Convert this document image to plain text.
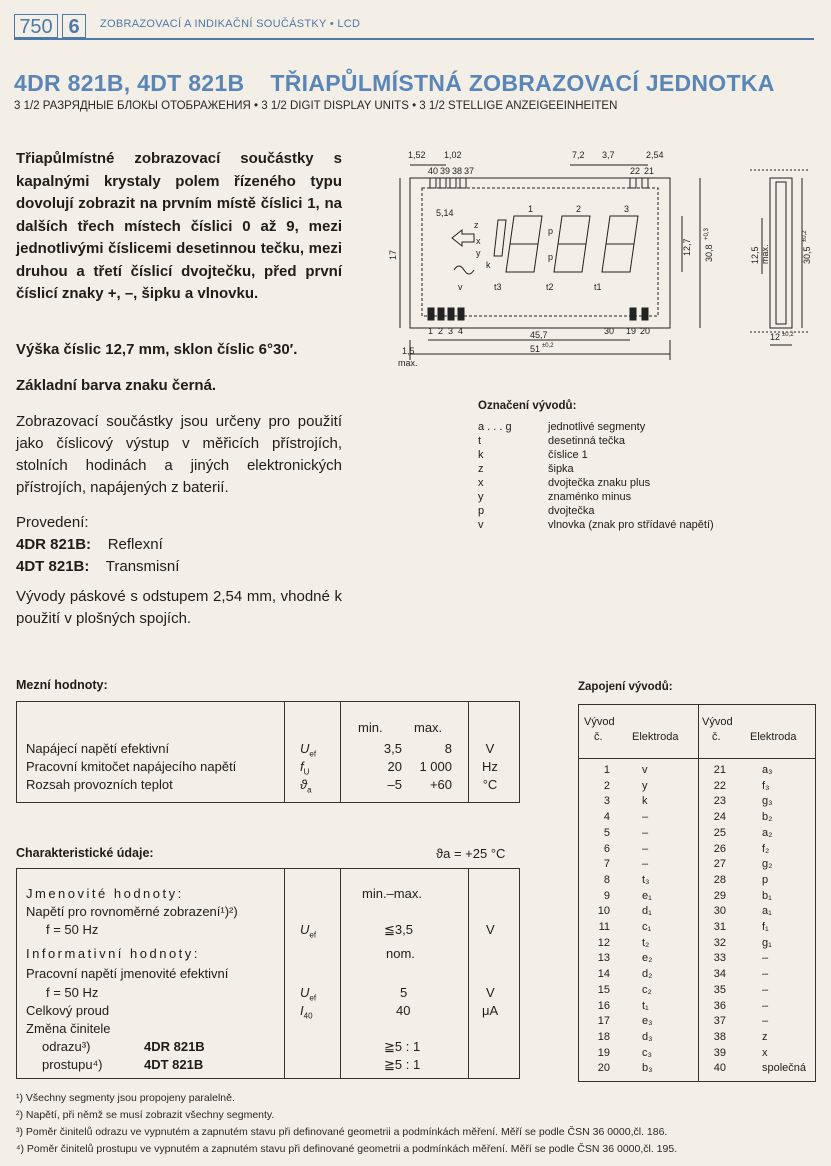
750 6	ZOBRAZOVACÍ A INDIKAČNÍ SOUČÁSTKY • LCD
4DR 821B, 4DT 821B TŘIAPŮLMÍSTNÁ ZOBRAZOVACÍ JEDNOTKA
3 1/2 РАЗРЯДНЫЕ БЛОКЫ ОТОБРАЖЕНИЯ • 3 1/2 DIGIT DISPLAY UNITS • 3 1/2 STELLIGE ANZEIGEEINHEITEN
Třiapůlmístné zobrazovací součástky s kapalnými krystaly polem řízeného typu dovolují zobrazit na prvním místě číslici 1, na dalších třech místech číslici 0 až 9, mezi jednotlivými číslicemi desetinnou tečku, mezi druhou a třetí číslicí dvojtečku, před první číslicí znaky +, –, šipku a vlnovku.
Výška číslic 12,7 mm, sklon číslic 6°30′.
Základní barva znaku černá.
Zobrazovací součástky jsou určeny pro použití jako číslicový výstup v měřicích přístrojích, stolních hodinách a jiných elektronických přístrojích, napájených z baterií.
Provedení:
4DR 821B: Reflexní
4DT 821B: Transmisní
Vývody páskové s odstupem 2,54 mm, vhodné k použití v plošných spojích.
1,52 1,02	7,2 3,7	2,54
40 39 38 37	22 21
5,14	1	2	3
z
x
y
v
k
p
p
t3	t1
t2
1 2 3 4	19 20
30
45,7
51 ±0,2
1,5
max.
17	12,7 30,8
+0,3
12,5 max.	30,5
±0,2
12 ±0,2
Označení vývodů:
a . . . g	jednotlivé segmenty
t	desetinná tečka
k	číslice 1
z	šipka
x	dvojtečka znaku plus
y	znaménko minus
p	dvojtečka
v	vlnovka (znak pro střídavé napětí)
Mezní hodnoty:
min. max.
Napájecí napětí efektivní	$U_{ef}$	3,5	8	V
Pracovní kmitočet napájecího napětí	$f_U$	20	1 000	Hz
Rozsah provozních teplot	$ϑ_a$	–5	+60	°C
Charakteristické údaje:	ϑa = +25 °C
Jmenovité hodnoty:	min.–max.
Napětí pro rovnoměrné zobrazení¹)²)
f = 50 Hz	$U_{ef}$	≦3,5	V
Informativní hodnoty:	nom.
Pracovní napětí jmenovité efektivní
f = 50 Hz	$U_{ef}$	5	V
Celkový proud	$I_{40}$	40	μA
Změna činitele
odrazu³)	4DR 821B	≧5 : 1
prostupu⁴)	4DT 821B	≧5 : 1
Zapojení vývodů:
Vývod
č.	Elektroda
Vývod
č.	Elektroda
1	v	21	a₃
2	y	22	f₃
3	k	23	g₃
4	–	24	b₂
5	–	25	a₂
6	–	26	f₂
7	–	27	g₂
8	t₃	28	p
9	e₁	29	b₁
10	d₁	30	a₁
11	c₁	31	f₁
12	t₂	32	g₁
13	e₂	33	–
14	d₂	34	–
15	c₂	35	–
16	t₁	36	–
17	e₃	37	–
18	d₃	38	z
19	c₃	39	x
20	b₃	40	společná
¹) Všechny segmenty jsou propojeny paralelně.
²) Napětí, při němž se musí zobrazit všechny segmenty.
³) Poměr činitelů odrazu ve vypnutém a zapnutém stavu při definované geometrii a podmínkách měření. Měří se podle ČSN 36 0000,čl. 186.
⁴) Poměr činitelů prostupu ve vypnutém a zapnutém stavu při definované geometrii a podmínkách měření. Měří se podle ČSN 36 0000,čl. 195.
